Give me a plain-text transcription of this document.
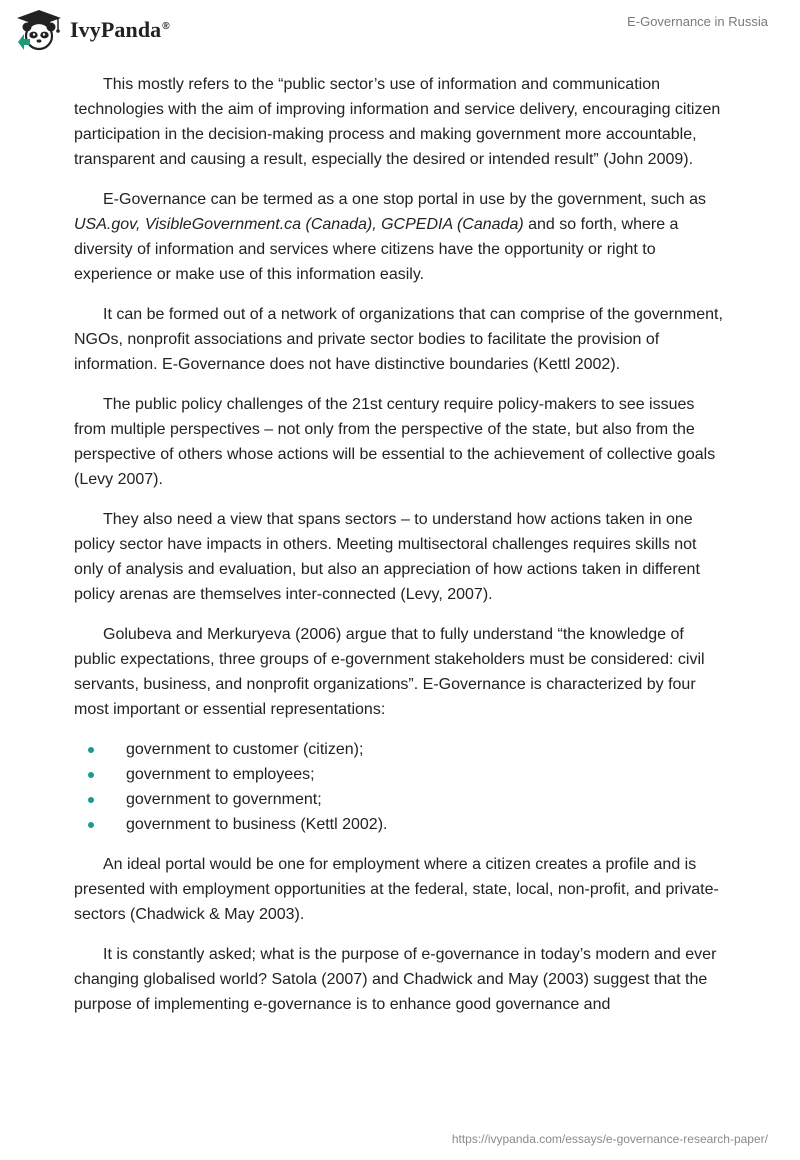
IvyPanda®	E-Governance in Russia

This mostly refers to the “public sector’s use of information and communication technologies with the aim of improving information and service delivery, encouraging citizen participation in the decision-making process and making government more accountable, transparent and causing a result, especially the desired or intended result” (John 2009).

E-Governance can be termed as a one stop portal in use by the government, such as USA.gov, VisibleGovernment.ca (Canada), GCPEDIA (Canada) and so forth, where a diversity of information and services where citizens have the opportunity or right to experience or make use of this information easily.

It can be formed out of a network of organizations that can comprise of the government, NGOs, nonprofit associations and private sector bodies to facilitate the provision of information. E-Governance does not have distinctive boundaries (Kettl 2002).

The public policy challenges of the 21st century require policy-makers to see issues from multiple perspectives – not only from the perspective of the state, but also from the perspective of others whose actions will be essential to the achievement of collective goals (Levy 2007).

They also need a view that spans sectors – to understand how actions taken in one policy sector have impacts in others. Meeting multisectoral challenges requires skills not only of analysis and evaluation, but also an appreciation of how actions taken in different policy arenas are themselves inter-connected (Levy, 2007).

Golubeva and Merkuryeva (2006) argue that to fully understand “the knowledge of public expectations, three groups of e-government stakeholders must be considered: civil servants, business, and nonprofit organizations”. E-Governance is characterized by four most important or essential representations:

government to customer (citizen);
government to employees;
government to government;
government to business (Kettl 2002).

An ideal portal would be one for employment where a citizen creates a profile and is presented with employment opportunities at the federal, state, local, non-profit, and private-sectors (Chadwick & May 2003).

It is constantly asked; what is the purpose of e-governance in today’s modern and ever changing globalised world? Satola (2007) and Chadwick and May (2003) suggest that the purpose of implementing e-governance is to enhance good governance and

https://ivypanda.com/essays/e-governance-research-paper/
